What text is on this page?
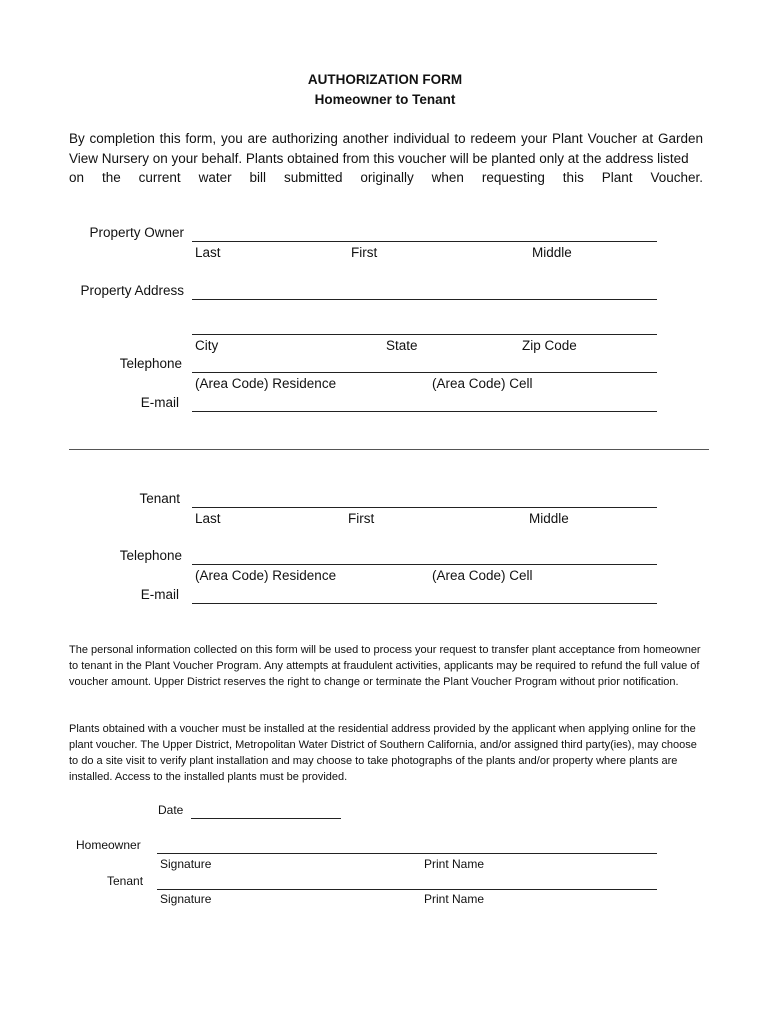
AUTHORIZATION FORM
Homeowner to Tenant
By completion this form, you are authorizing another individual to redeem your Plant Voucher at Garden
View Nursery on your behalf. Plants obtained from this voucher will be planted only at the address listed
on the current water bill submitted originally when requesting this Plant Voucher.
Property Owner
Last	First	Middle
Property Address
City	State	Zip Code
Telephone
(Area Code) Residence	(Area Code) Cell
E-mail
Tenant
Last	First	Middle
Telephone
(Area Code) Residence	(Area Code) Cell
E-mail
The personal information collected on this form will be used to process your request to transfer plant acceptance from homeowner to tenant in the Plant Voucher Program. Any attempts at fraudulent activities, applicants may be required to refund the full value of voucher amount. Upper District reserves the right to change or terminate the Plant Voucher Program without prior notification.
Plants obtained with a voucher must be installed at the residential address provided by the applicant when applying online for the plant voucher. The Upper District, Metropolitan Water District of Southern California, and/or assigned third party(ies), may choose to do a site visit to verify plant installation and may choose to take photographs of the plants and/or property where plants are installed. Access to the installed plants must be provided.
Date
Homeowner
Signature	Print Name
Tenant
Signature	Print Name
